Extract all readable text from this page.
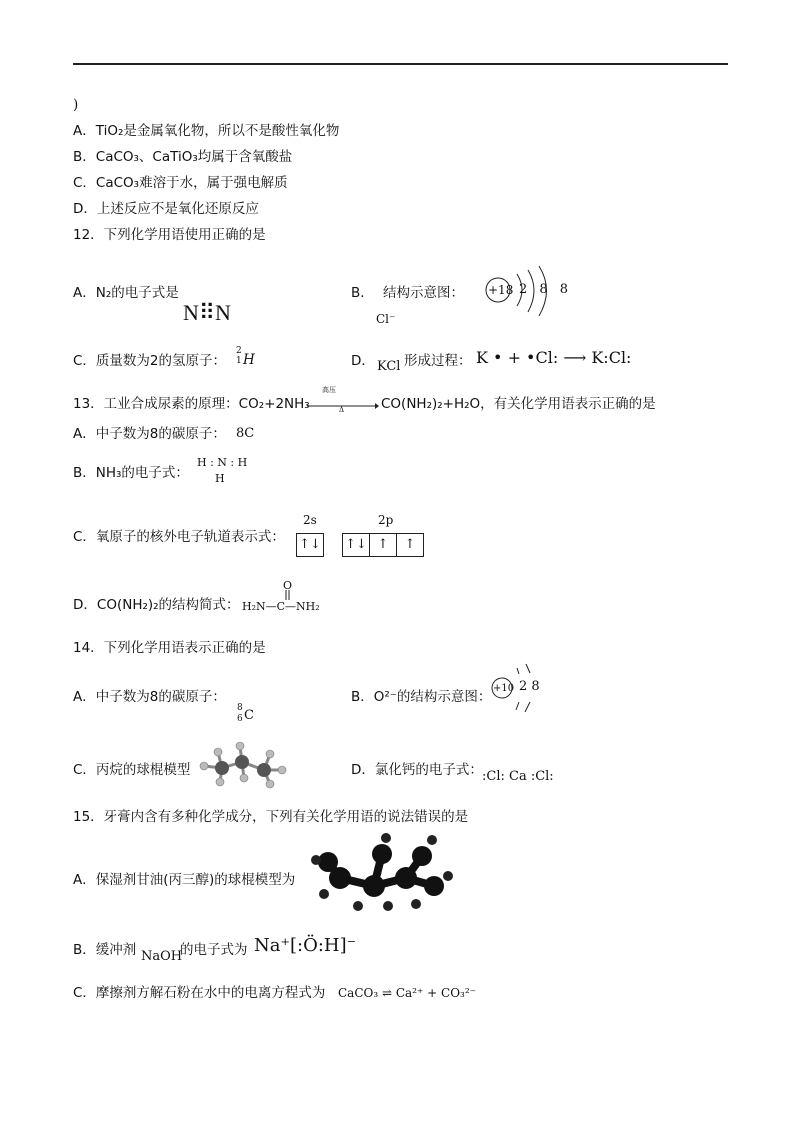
)
A．TiO₂是金属氧化物，所以不是酸性氧化物
B．CaCO₃、CaTiO₃均属于含氧酸盐
C．CaCO₃难溶于水，属于强电解质
D．上述反应不是氧化还原反应
12．下列化学用语使用正确的是
A．N₂的电子式是
N⠿N
B． 结构示意图：
Cl⁻
+18 2 8 8
C．质量数为2的氢原子：
2
1 H	D． KCl 形成过程： K • + •Cl: ⟶ K:Cl:
13．工业合成尿素的原理：CO₂+2NH₃
高压
Δ	CO(NH₂)₂+H₂O，有关化学用语表示正确的是
A．中子数为8的碳原子： 8C
B．NH₃的电子式：
H : N : H
H
2s	2p
C．氧原子的核外电子轨道表示式： ↑↓ ↑↓ ↑ ↑
D．CO(NH₂)₂的结构简式：
O
H₂N—C—NH₂
14．下列化学用语表示正确的是
A．中子数为8的碳原子：
8
6 C
B．O²⁻的结构示意图：
+10 2 8
C．丙烷的球棍模型	D．氯化钙的电子式： :Cl: Ca :Cl:
15．牙膏内含有多种化学成分，下列有关化学用语的说法错误的是
A．保湿剂甘油(丙三醇)的球棍模型为
B．缓冲剂 NaOH
的电子式为 Na⁺[:Ö:H]⁻
C．摩擦剂方解石粉在水中的电离方程式为 CaCO₃ ⇌ Ca²⁺ + CO₃²⁻
